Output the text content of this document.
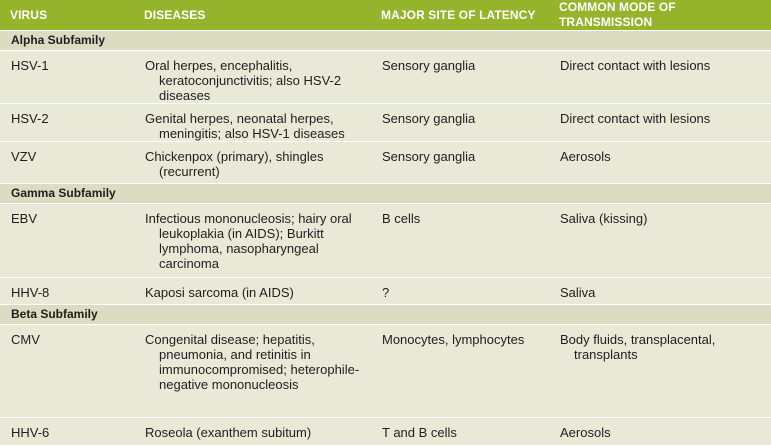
VIRUS	DISEASES	MAJOR SITE OF LATENCY	COMMON MODE OF TRANSMISSION
Alpha Subfamily			
HSV-1	Oral herpes, encephalitis, keratoconjunctivitis; also HSV-2 diseases	Sensory ganglia	Direct contact with lesions
HSV-2	Genital herpes, neonatal herpes, meningitis; also HSV-1 diseases	Sensory ganglia	Direct contact with lesions
VZV	Chickenpox (primary), shingles (recurrent)	Sensory ganglia	Aerosols
Gamma Subfamily			
EBV	Infectious mononucleosis; hairy oral leukoplakia (in AIDS); Burkitt lymphoma, nasopharyngeal carcinoma	B cells	Saliva (kissing)
HHV-8	Kaposi sarcoma (in AIDS)	?	Saliva
Beta Subfamily			
CMV	Congenital disease; hepatitis, pneumonia, and retinitis in immunocompromised; heterophile-negative mononucleosis	Monocytes, lymphocytes	Body fluids, transplacental, transplants
HHV-6	Roseola (exanthem subitum)	T and B cells	Aerosols
